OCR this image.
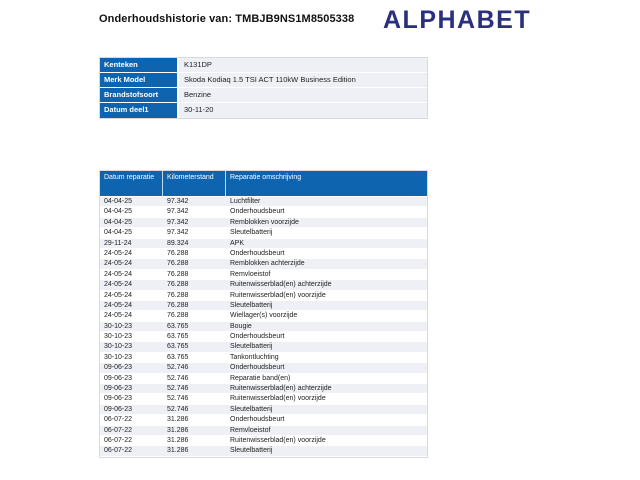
Onderhoudshistorie van: TMBJB9NS1M8505338 ALPHABET
Kenteken	K131DP
Merk Model	Skoda Kodiaq 1.5 TSI ACT 110kW Business Edition
Brandstofsoort	Benzine
Datum deel1	30-11-20
Datum reparatie	Kilometerstand	Reparatie omschrijving
04-04-25	97.342	Luchtfilter
04-04-25	97.342	Onderhoudsbeurt
04-04-25	97.342	Remblokken voorzijde
04-04-25	97.342	Sleutelbatterij
29-11-24	89.324	APK
24-05-24	76.288	Onderhoudsbeurt
24-05-24	76.288	Remblokken achterzijde
24-05-24	76.288	Remvloeistof
24-05-24	76.288	Ruitenwisserblad(en) achterzijde
24-05-24	76.288	Ruitenwisserblad(en) voorzijde
24-05-24	76.288	Sleutelbatterij
24-05-24	76.288	Wiellager(s) voorzijde
30-10-23	63.765	Bougie
30-10-23	63.765	Onderhoudsbeurt
30-10-23	63.765	Sleutelbatterij
30-10-23	63.765	Tankontluchting
09-06-23	52.746	Onderhoudsbeurt
09-06-23	52.746	Reparatie band(en)
09-06-23	52.746	Ruitenwisserblad(en) achterzijde
09-06-23	52.746	Ruitenwisserblad(en) voorzijde
09-06-23	52.746	Sleutelbatterij
06-07-22	31.286	Onderhoudsbeurt
06-07-22	31.286	Remvloeistof
06-07-22	31.286	Ruitenwisserblad(en) voorzijde
06-07-22	31.286	Sleutelbatterij
